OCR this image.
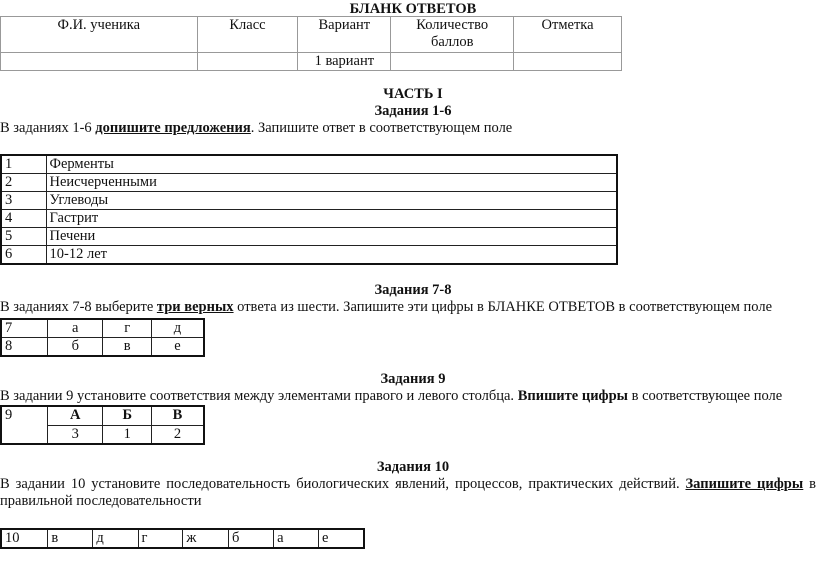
БЛАНК ОТВЕТОВ
Ф.И. ученика	Класс	Вариант	Количество баллов	Отметка
		1 вариант		
ЧАСТЬ I
Задания 1-6
В заданиях 1-6 допишите предложения. Запишите ответ в соответствующем поле
1	Ферменты
2	Неисчерченными
3	Углеводы
4	Гастрит
5	Печени
6	10-12 лет
Задания 7-8
В заданиях 7-8 выберите три верных ответа из шести. Запишите эти цифры в БЛАНКЕ ОТВЕТОВ в соответствующем поле
7	а	г	д
8	б	в	е
Задания 9
В задании 9 установите соответствия между элементами правого и левого столбца. Впишите цифры в соответствующее поле
9	А	Б	В
	3	1	2
Задания 10
В задании 10 установите последовательность биологических явлений, процессов, практических действий. Запишите цифры в
правильной последовательности
10	в	д	г	ж	б	а	е
